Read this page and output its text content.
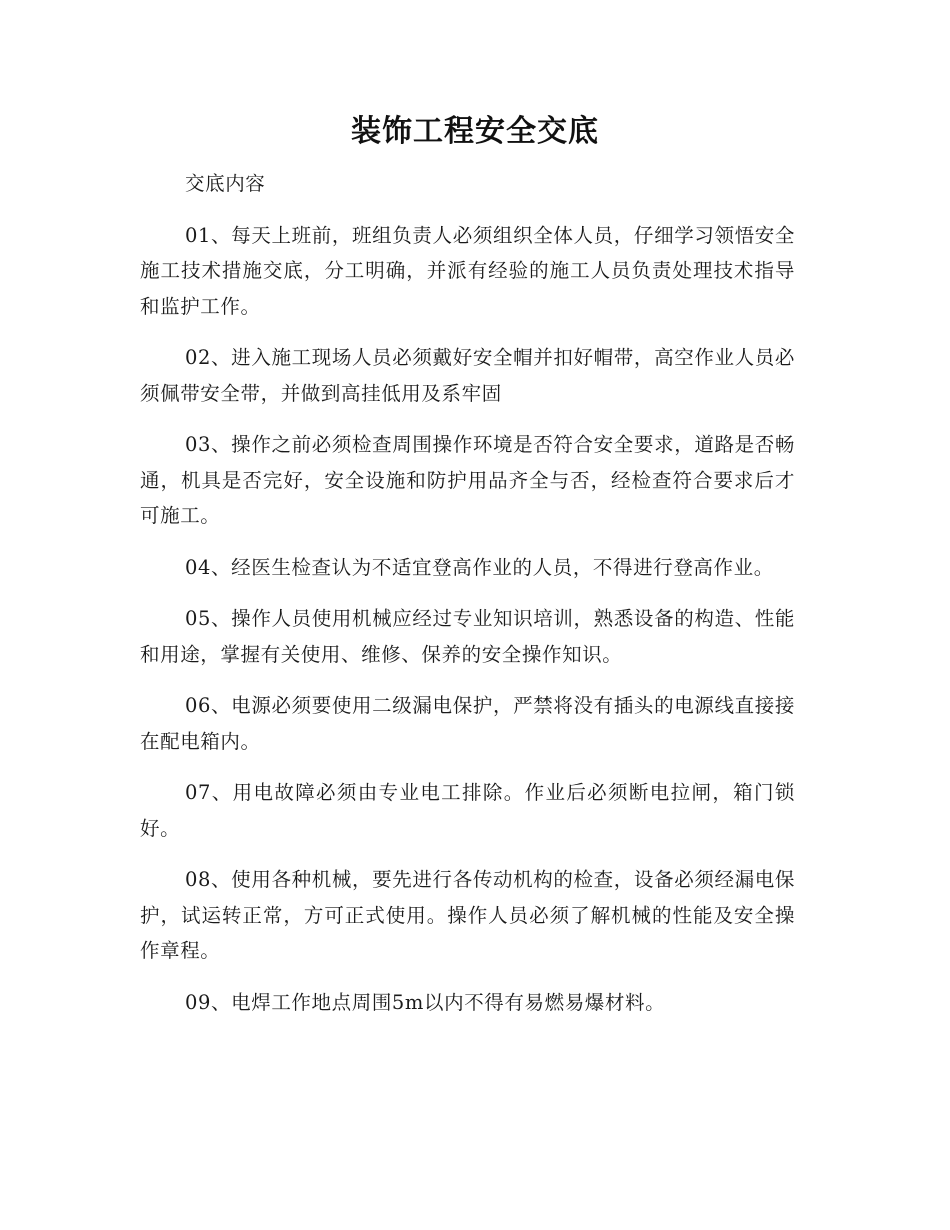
装饰工程安全交底

交底内容

01、每天上班前，班组负责人必须组织全体人员，仔细学习领悟安全施工技术措施交底，分工明确，并派有经验的施工人员负责处理技术指导和监护工作。

02、进入施工现场人员必须戴好安全帽并扣好帽带，高空作业人员必须佩带安全带，并做到高挂低用及系牢固

03、操作之前必须检查周围操作环境是否符合安全要求，道路是否畅通，机具是否完好，安全设施和防护用品齐全与否，经检查符合要求后才可施工。

04、经医生检查认为不适宜登高作业的人员，不得进行登高作业。

05、操作人员使用机械应经过专业知识培训，熟悉设备的构造、性能和用途，掌握有关使用、维修、保养的安全操作知识。

06、电源必须要使用二级漏电保护，严禁将没有插头的电源线直接接在配电箱内。

07、用电故障必须由专业电工排除。作业后必须断电拉闸，箱门锁好。

08、使用各种机械，要先进行各传动机构的检查，设备必须经漏电保护，试运转正常，方可正式使用。操作人员必须了解机械的性能及安全操作章程。

09、电焊工作地点周围5m以内不得有易燃易爆材料。
